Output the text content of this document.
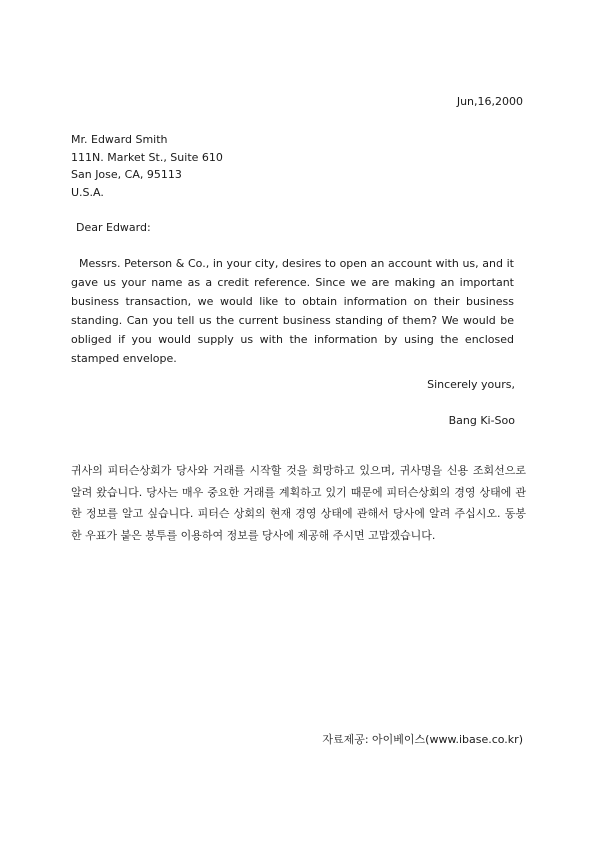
Jun,16,2000
Mr. Edward Smith
111N. Market St., Suite 610
San Jose, CA, 95113
U.S.A.
Dear Edward:
Messrs. Peterson & Co., in your city, desires to open an account with us, and it gave us your name as a credit reference. Since we are making an important business transaction, we would like to obtain information on their business standing. Can you tell us the current business standing of them? We would be obliged if you would supply us with the information by using the enclosed stamped envelope.
Sincerely yours,
Bang Ki-Soo
귀사의 피터슨상회가 당사와 거래를 시작할 것을 희망하고 있으며, 귀사명을 신용 조회선으로 알려 왔습니다. 당사는 매우 중요한 거래를 계획하고 있기 때문에 피터슨상회의 경영 상태에 관한 정보를 알고 싶습니다. 피터슨 상회의 현재 경영 상태에 관해서 당사에 알려 주십시오. 동봉한 우표가 붙은 봉투를 이용하여 정보를 당사에 제공해 주시면 고맙겠습니다.
자료제공: 아이베이스(www.ibase.co.kr)
